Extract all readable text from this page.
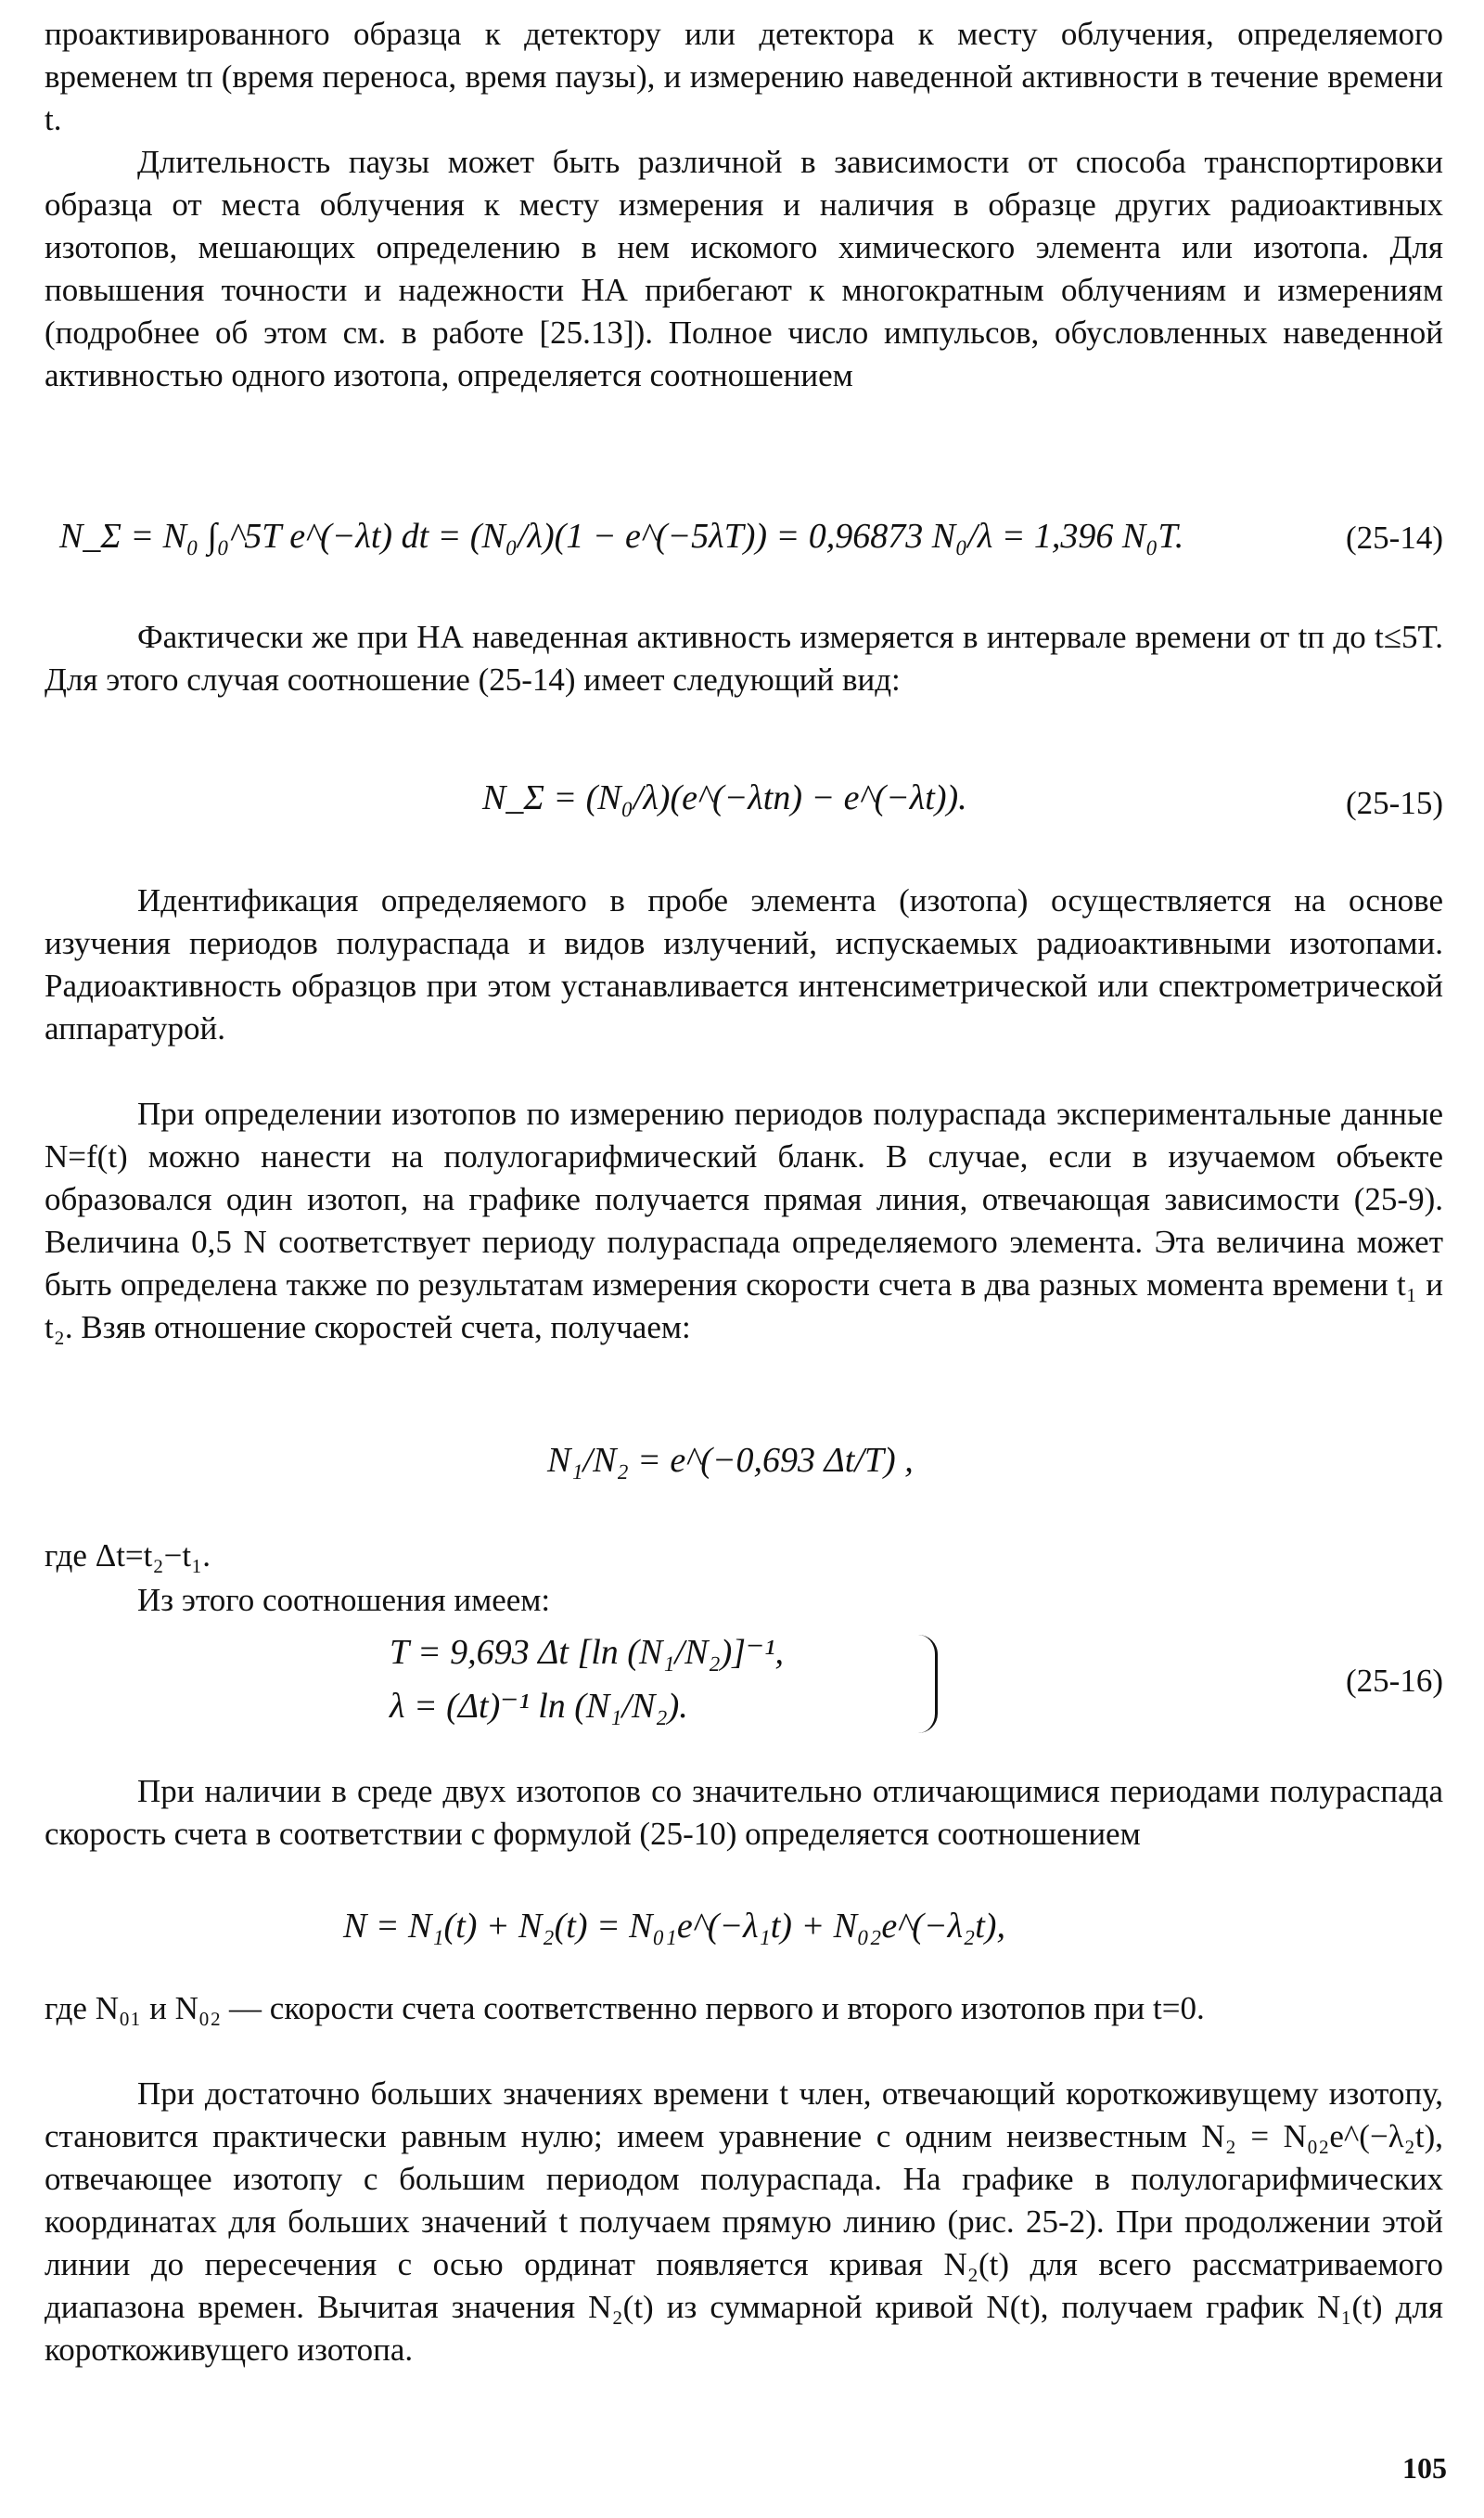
проактивированного образца к детектору или детектора к месту облучения, определяемого временем tп (время переноса, время паузы), и измерению наведенной активности в течение времени t.

Длительность паузы может быть различной в зависимости от способа транспортировки образца от места облучения к месту измерения и наличия в образце других радиоактивных изотопов, мешающих определению в нем искомого химического элемента или изотопа. Для повышения точности и надежности НА прибегают к многократным облучениям и измерениям (подробнее об этом см. в работе [25.13]). Полное число импульсов, обусловленных наведенной активностью одного изотопа, определяется соотношением

N_Σ = N₀ ∫₀^5T e^(−λt) dt = (N₀/λ)(1 − e^(−5λT)) = 0,96873 N₀/λ = 1,396 N₀T.	(25-14)

Фактически же при НА наведенная активность измеряется в интервале времени от tп до t≤5T. Для этого случая соотношение (25-14) имеет следующий вид:

N_Σ = (N₀/λ)(e^(−λtп) − e^(−λt)).	(25-15)

Идентификация определяемого в пробе элемента (изотопа) осуществляется на основе изучения периодов полураспада и видов излучений, испускаемых радиоактивными изотопами. Радиоактивность образцов при этом устанавливается интенсиметрической или спектрометрической аппаратурой.

При определении изотопов по измерению периодов полураспада экспериментальные данные N=f(t) можно нанести на полулогарифмический бланк. В случае, если в изучаемом объекте образовался один изотоп, на графике получается прямая линия, отвечающая зависимости (25-9). Величина 0,5 N соответствует периоду полураспада определяемого элемента. Эта величина может быть определена также по результатам измерения скорости счета в два разных момента времени t₁ и t₂. Взяв отношение скоростей счета, получаем:

N₁/N₂ = e^(−0,693 Δt/T) ,

где Δt=t₂−t₁.

Из этого соотношения имеем:

T = 9,693 Δt [ln (N₁/N₂)]⁻¹,
λ = (Δt)⁻¹ ln (N₁/N₂).
(25-16)

При наличии в среде двух изотопов со значительно отличающимися периодами полураспада скорость счета в соответствии с формулой (25-10) определяется соотношением

N = N₁(t) + N₂(t) = N₀₁e^(−λ₁t) + N₀₂e^(−λ₂t),

где N₀₁ и N₀₂ — скорости счета соответственно первого и второго изотопов при t=0.

При достаточно больших значениях времени t член, отвечающий короткоживущему изотопу, становится практически равным нулю; имеем уравнение с одним неизвестным N₂ = N₀₂e^(−λ₂t), отвечающее изотопу с большим периодом полураспада. На графике в полулогарифмических координатах для больших значений t получаем прямую линию (рис. 25-2). При продолжении этой линии до пересечения с осью ординат появляется кривая N₂(t) для всего рассматриваемого диапазона времен. Вычитая значения N₂(t) из суммарной кривой N(t), получаем график N₁(t) для короткоживущего изотопа.

105
